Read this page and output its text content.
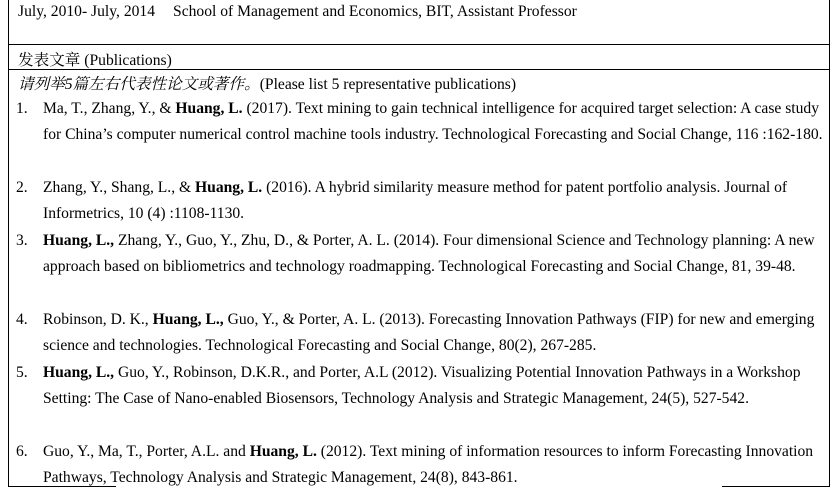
July, 2010- July, 2014 School of Management and Economics, BIT, Assistant Professor
发表文章 (Publications)
请列举5篇左右代表性论文或著作。(Please list 5 representative publications)
1. Ma, T., Zhang, Y., & Huang, L. (2017). Text mining to gain technical intelligence for acquired target selection: A case study for China’s computer numerical control machine tools industry. Technological Forecasting and Social Change, 116 :162-180.
2. Zhang, Y., Shang, L., & Huang, L. (2016). A hybrid similarity measure method for patent portfolio analysis. Journal of Informetrics, 10 (4) :1108-1130.
3. Huang, L., Zhang, Y., Guo, Y., Zhu, D., & Porter, A. L. (2014). Four dimensional Science and Technology planning: A new approach based on bibliometrics and technology roadmapping. Technological Forecasting and Social Change, 81, 39-48.
4. Robinson, D. K., Huang, L., Guo, Y., & Porter, A. L. (2013). Forecasting Innovation Pathways (FIP) for new and emerging science and technologies. Technological Forecasting and Social Change, 80(2), 267-285.
5. Huang, L., Guo, Y., Robinson, D.K.R., and Porter, A.L (2012). Visualizing Potential Innovation Pathways in a Workshop Setting: The Case of Nano-enabled Biosensors, Technology Analysis and Strategic Management, 24(5), 527-542.
6. Guo, Y., Ma, T., Porter, A.L. and Huang, L. (2012). Text mining of information resources to inform Forecasting Innovation Pathways, Technology Analysis and Strategic Management, 24(8), 843-861.
